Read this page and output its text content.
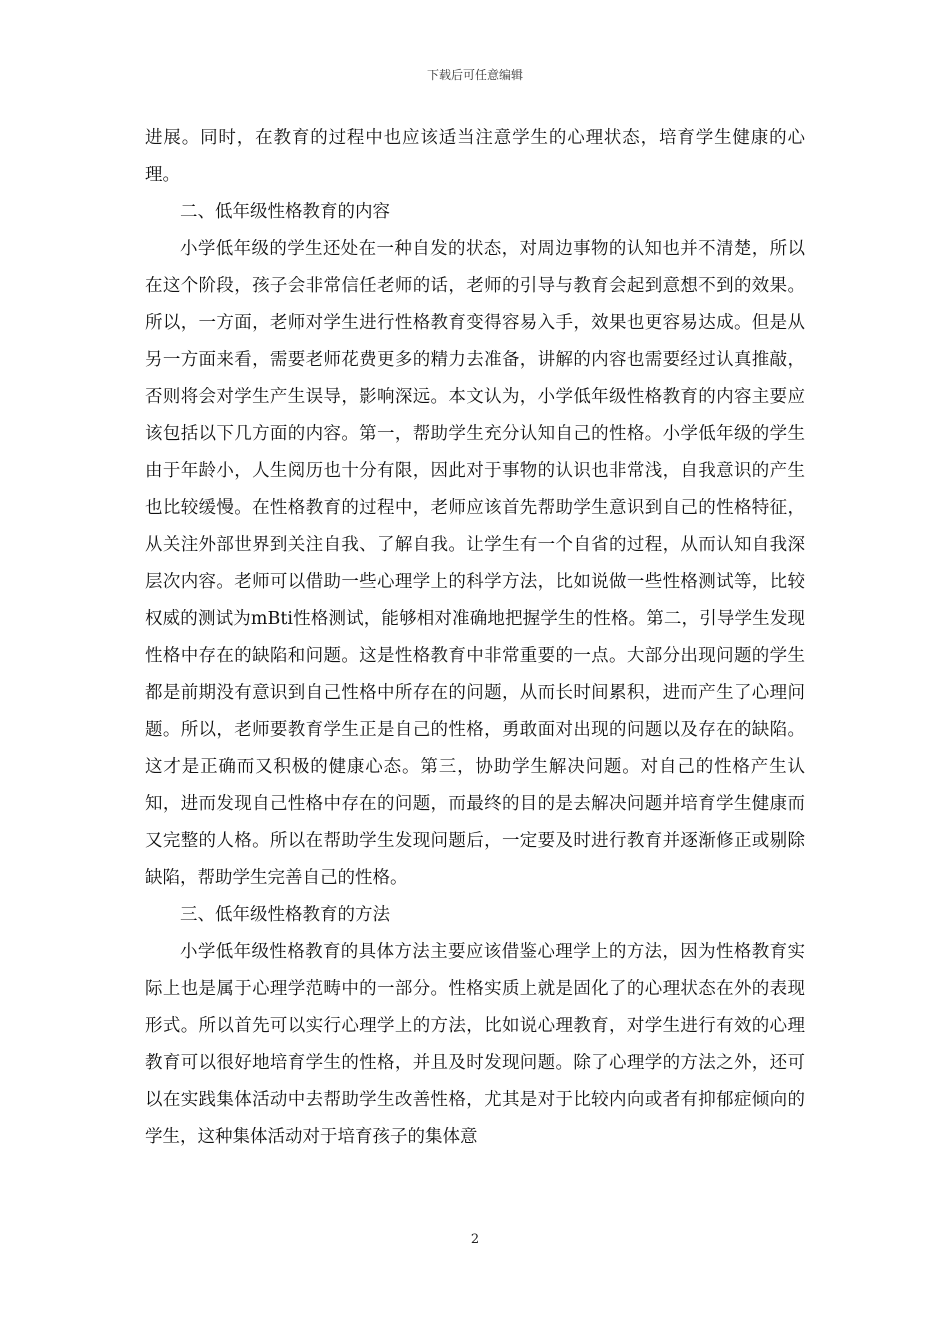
下载后可任意编辑

进展。同时，在教育的过程中也应该适当注意学生的心理状态，培育学生健康的心理。

二、低年级性格教育的内容

小学低年级的学生还处在一种自发的状态，对周边事物的认知也并不清楚，所以在这个阶段，孩子会非常信任老师的话，老师的引导与教育会起到意想不到的效果。所以，一方面，老师对学生进行性格教育变得容易入手，效果也更容易达成。但是从另一方面来看，需要老师花费更多的精力去准备，讲解的内容也需要经过认真推敲，否则将会对学生产生误导，影响深远。本文认为，小学低年级性格教育的内容主要应该包括以下几方面的内容。第一，帮助学生充分认知自己的性格。小学低年级的学生由于年龄小，人生阅历也十分有限，因此对于事物的认识也非常浅，自我意识的产生也比较缓慢。在性格教育的过程中，老师应该首先帮助学生意识到自己的性格特征，从关注外部世界到关注自我、了解自我。让学生有一个自省的过程，从而认知自我深层次内容。老师可以借助一些心理学上的科学方法，比如说做一些性格测试等，比较权威的测试为mBti性格测试，能够相对准确地把握学生的性格。第二，引导学生发现性格中存在的缺陷和问题。这是性格教育中非常重要的一点。大部分出现问题的学生都是前期没有意识到自己性格中所存在的问题，从而长时间累积，进而产生了心理问题。所以，老师要教育学生正是自己的性格，勇敢面对出现的问题以及存在的缺陷。这才是正确而又积极的健康心态。第三，协助学生解决问题。对自己的性格产生认知，进而发现自己性格中存在的问题，而最终的目的是去解决问题并培育学生健康而又完整的人格。所以在帮助学生发现问题后，一定要及时进行教育并逐渐修正或剔除缺陷，帮助学生完善自己的性格。

三、低年级性格教育的方法

小学低年级性格教育的具体方法主要应该借鉴心理学上的方法，因为性格教育实际上也是属于心理学范畴中的一部分。性格实质上就是固化了的心理状态在外的表现形式。所以首先可以实行心理学上的方法，比如说心理教育，对学生进行有效的心理教育可以很好地培育学生的性格，并且及时发现问题。除了心理学的方法之外，还可以在实践集体活动中去帮助学生改善性格，尤其是对于比较内向或者有抑郁症倾向的学生，这种集体活动对于培育孩子的集体意

2
